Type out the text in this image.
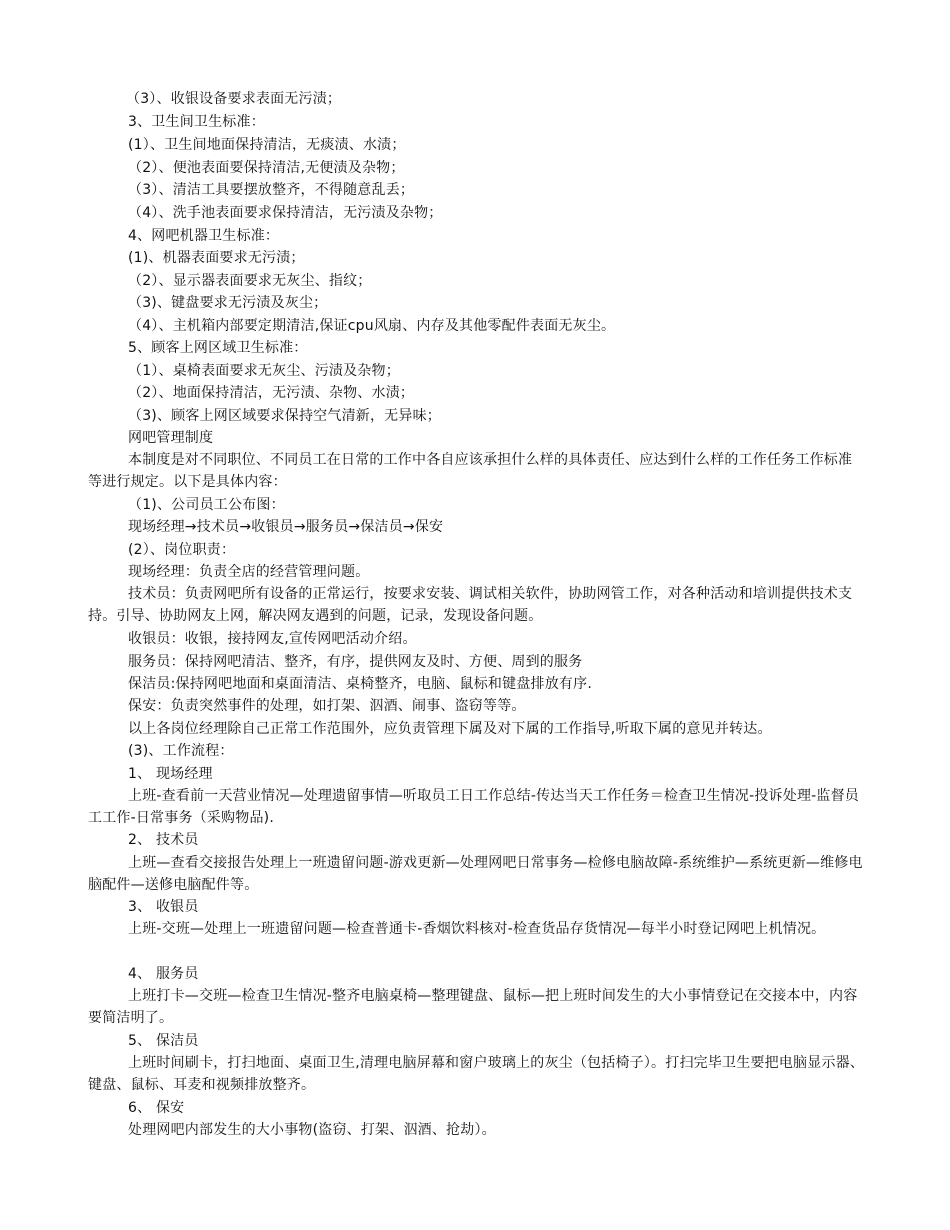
（3）、收银设备要求表面无污渍；
3、卫生间卫生标准：
(1）、卫生间地面保持清洁，无痰渍、水渍；
（2）、便池表面要保持清洁,无便渍及杂物；
（3）、清洁工具要摆放整齐，不得随意乱丢；
（4）、洗手池表面要求保持清洁，无污渍及杂物；
4、网吧机器卫生标准：
(1)、机器表面要求无污渍；
（2）、显示器表面要求无灰尘、指纹；
（3)、键盘要求无污渍及灰尘；
（4）、主机箱内部要定期清洁,保证cpu风扇、内存及其他零配件表面无灰尘。
5、顾客上网区域卫生标准：
（1）、桌椅表面要求无灰尘、污渍及杂物；
（2）、地面保持清洁，无污渍、杂物、水渍；
（3)、顾客上网区域要求保持空气清新，无异味；
网吧管理制度
本制度是对不同职位、不同员工在日常的工作中各自应该承担什么样的具体责任、应达到什么样的工作任务工作标准等进行规定。以下是具体内容：
（1)、公司员工公布图：
现场经理→技术员→收银员→服务员→保洁员→保安
(2）、岗位职责：
现场经理：负责全店的经营管理问题。
技术员：负责网吧所有设备的正常运行，按要求安装、调试相关软件，协助网管工作，对各种活动和培训提供技术支持。引导、协助网友上网，解决网友遇到的问题，记录，发现设备问题。
收银员：收银，接持网友,宣传网吧活动介绍。
服务员：保持网吧清洁、整齐，有序，提供网友及时、方便、周到的服务
保洁员:保持网吧地面和桌面清洁、桌椅整齐，电脑、鼠标和键盘排放有序.
保安：负责突然事件的处理，如打架、泅酒、闹事、盗窃等等。
以上各岗位经理除自己正常工作范围外，应负责管理下属及对下属的工作指导,听取下属的意见并转达。
(3)、工作流程：
1、 现场经理
上班-查看前一天营业情况—处理遗留事情—听取员工日工作总结-传达当天工作任务＝检查卫生情况-投诉处理-监督员工工作-日常事务（采购物品).
2、 技术员
上班—查看交接报告处理上一班遗留问题-游戏更新—处理网吧日常事务—检修电脑故障-系统维护—系统更新—维修电脑配件—送修电脑配件等。
3、 收银员
上班-交班—处理上一班遗留问题—检查普通卡-香烟饮料核对-检查货品存货情况—每半小时登记网吧上机情况。
4、 服务员
上班打卡—交班—检查卫生情况-整齐电脑桌椅—整理键盘、鼠标—把上班时间发生的大小事情登记在交接本中，内容要简洁明了。
5、 保洁员
上班时间刷卡，打扫地面、桌面卫生,清理电脑屏幕和窗户玻璃上的灰尘（包括椅子）。打扫完毕卫生要把电脑显示器、键盘、鼠标、耳麦和视频排放整齐。
6、 保安
处理网吧内部发生的大小事物(盗窃、打架、泅酒、抢劫）。
